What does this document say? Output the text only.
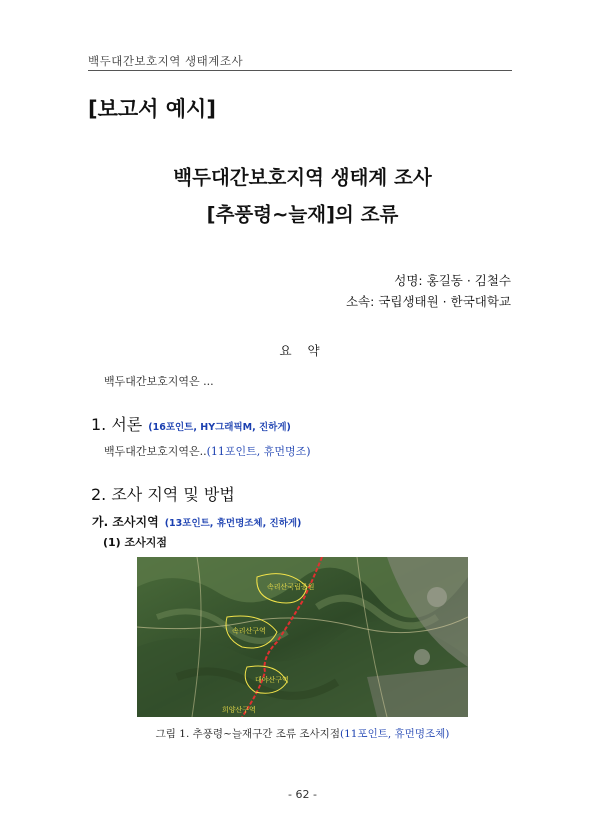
백두대간보호지역 생태계조사
[보고서 예시]
백두대간보호지역 생태계 조사
[추풍령~늘재]의 조류
성명: 홍길동 · 김철수
소속: 국립생태원 · 한국대학교
요 약
백두대간보호지역은 ...
1. 서론 (16포인트, HY그래픽M, 진하게)
백두대간보호지역은..(11포인트, 휴먼명조)
2. 조사 지역 및 방법
가. 조사지역 (13포인트, 휴먼명조체, 진하게)
(1) 조사지점
속리산국립공원
속리산구역
대야산구역
희양산구역
그림 1. 추풍령~늘재구간 조류 조사지점(11포인트, 휴먼명조체)
- 62 -
